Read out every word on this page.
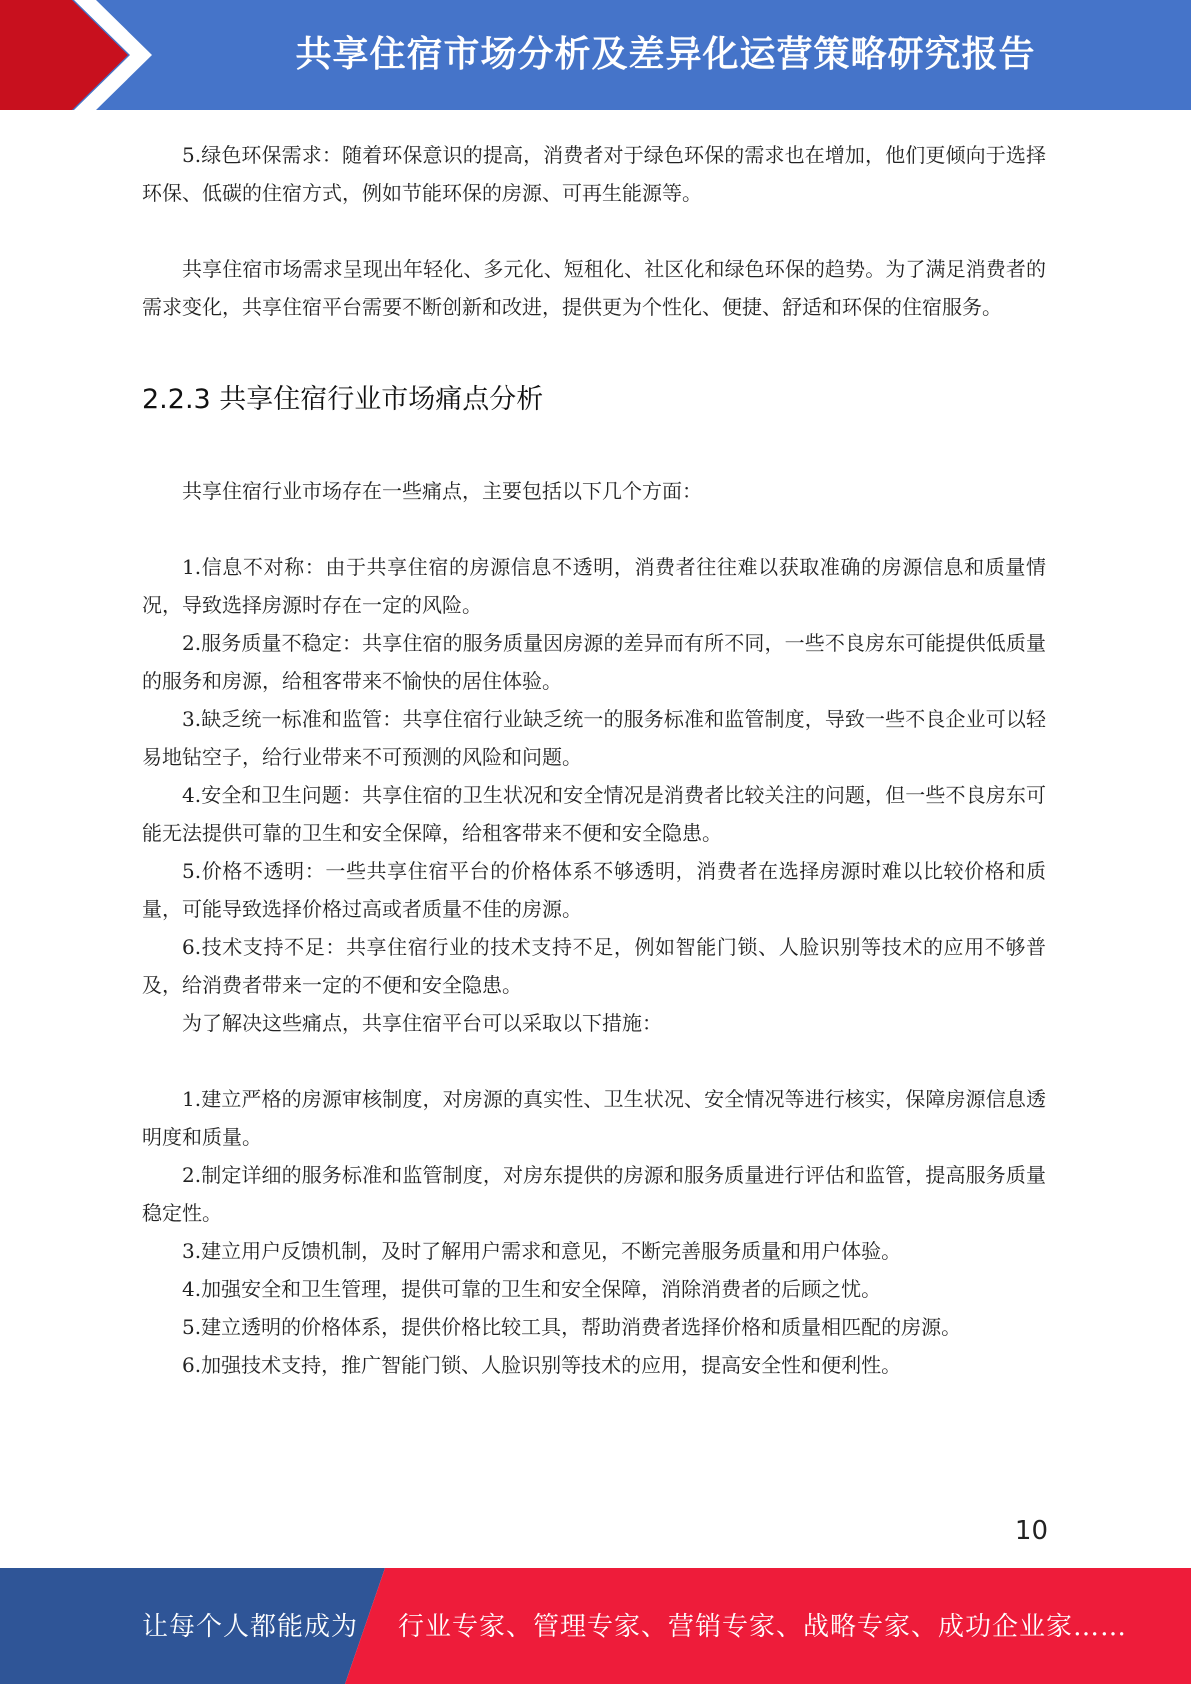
共享住宿市场分析及差异化运营策略研究报告

5.绿色环保需求：随着环保意识的提高，消费者对于绿色环保的需求也在增加，他们更倾向于选择环保、低碳的住宿方式，例如节能环保的房源、可再生能源等。

共享住宿市场需求呈现出年轻化、多元化、短租化、社区化和绿色环保的趋势。为了满足消费者的需求变化，共享住宿平台需要不断创新和改进，提供更为个性化、便捷、舒适和环保的住宿服务。

2.2.3 共享住宿行业市场痛点分析

共享住宿行业市场存在一些痛点，主要包括以下几个方面：

1.信息不对称：由于共享住宿的房源信息不透明，消费者往往难以获取准确的房源信息和质量情况，导致选择房源时存在一定的风险。

2.服务质量不稳定：共享住宿的服务质量因房源的差异而有所不同，一些不良房东可能提供低质量的服务和房源，给租客带来不愉快的居住体验。

3.缺乏统一标准和监管：共享住宿行业缺乏统一的服务标准和监管制度，导致一些不良企业可以轻易地钻空子，给行业带来不可预测的风险和问题。

4.安全和卫生问题：共享住宿的卫生状况和安全情况是消费者比较关注的问题，但一些不良房东可能无法提供可靠的卫生和安全保障，给租客带来不便和安全隐患。

5.价格不透明：一些共享住宿平台的价格体系不够透明，消费者在选择房源时难以比较价格和质量，可能导致选择价格过高或者质量不佳的房源。

6.技术支持不足：共享住宿行业的技术支持不足，例如智能门锁、人脸识别等技术的应用不够普及，给消费者带来一定的不便和安全隐患。

为了解决这些痛点，共享住宿平台可以采取以下措施：

1.建立严格的房源审核制度，对房源的真实性、卫生状况、安全情况等进行核实，保障房源信息透明度和质量。

2.制定详细的服务标准和监管制度，对房东提供的房源和服务质量进行评估和监管，提高服务质量稳定性。

3.建立用户反馈机制，及时了解用户需求和意见，不断完善服务质量和用户体验。

4.加强安全和卫生管理，提供可靠的卫生和安全保障，消除消费者的后顾之忧。

5.建立透明的价格体系，提供价格比较工具，帮助消费者选择价格和质量相匹配的房源。

6.加强技术支持，推广智能门锁、人脸识别等技术的应用，提高安全性和便利性。

10
让每个人都能成为 行业专家、管理专家、营销专家、战略专家、成功企业家……
